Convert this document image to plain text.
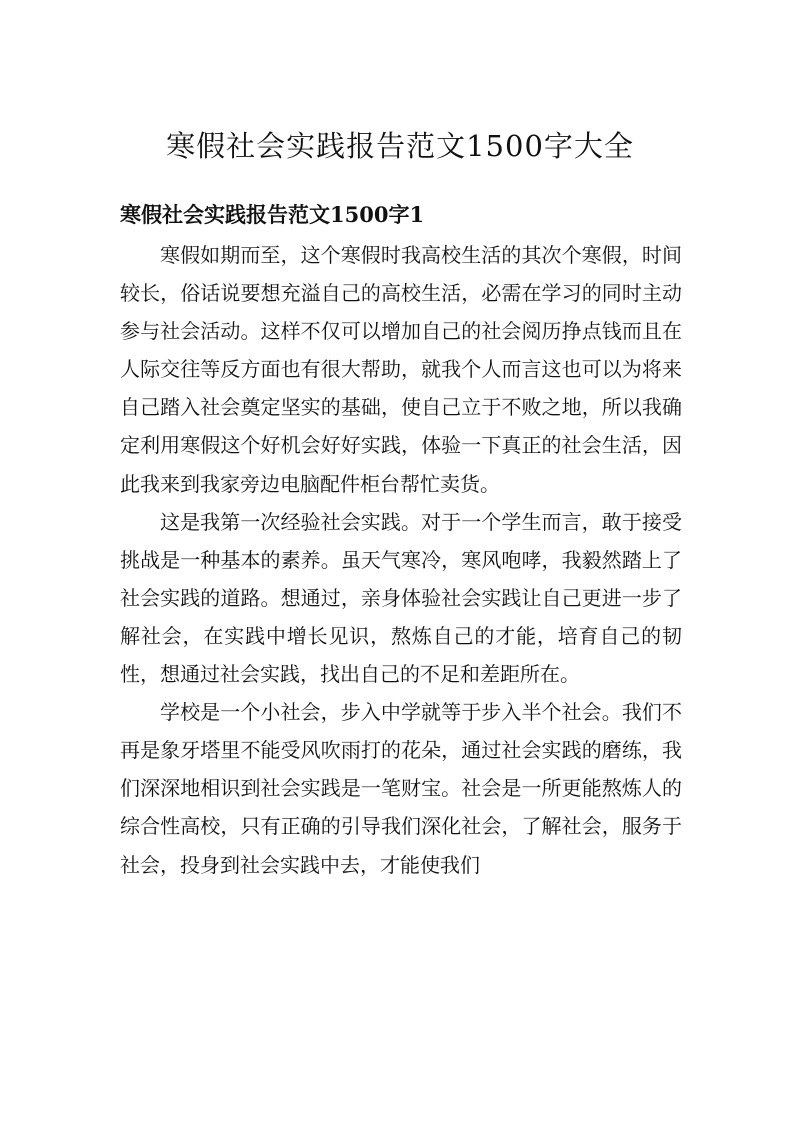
寒假社会实践报告范文1500字大全
寒假社会实践报告范文1500字1

寒假如期而至，这个寒假时我高校生活的其次个寒假，时间较长，俗话说要想充溢自己的高校生活，必需在学习的同时主动参与社会活动。这样不仅可以增加自己的社会阅历挣点钱而且在人际交往等反方面也有很大帮助，就我个人而言这也可以为将来自己踏入社会奠定坚实的基础，使自己立于不败之地，所以我确定利用寒假这个好机会好好实践，体验一下真正的社会生活，因此我来到我家旁边电脑配件柜台帮忙卖货。

这是我第一次经验社会实践。对于一个学生而言，敢于接受挑战是一种基本的素养。虽天气寒冷，寒风咆哮，我毅然踏上了社会实践的道路。想通过，亲身体验社会实践让自己更进一步了解社会，在实践中增长见识，熬炼自己的才能，培育自己的韧性，想通过社会实践，找出自己的不足和差距所在。

学校是一个小社会，步入中学就等于步入半个社会。我们不再是象牙塔里不能受风吹雨打的花朵，通过社会实践的磨练，我们深深地相识到社会实践是一笔财宝。社会是一所更能熬炼人的综合性高校，只有正确的引导我们深化社会，了解社会，服务于社会，投身到社会实践中去，才能使我们
